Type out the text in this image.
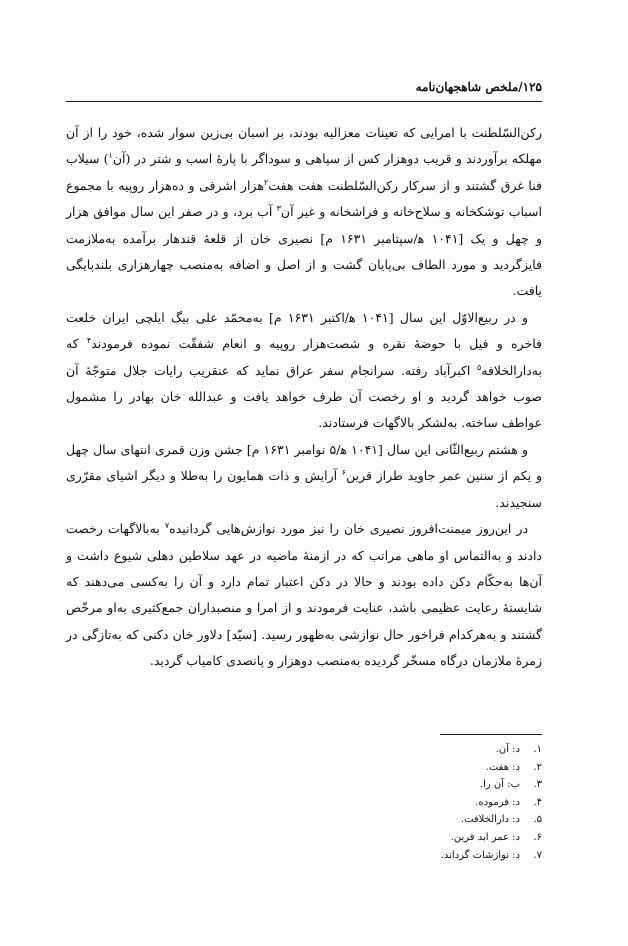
۱۲۵/ملخص شاهجهان‌نامه

رکن‌السّلطنت با امرایی که تعینات معزالیه بودند، بر اسبان بی‌زین سوار شده، خود را از آن مهلکه برآوردند و قریب دوهزار کس از سپاهی و سوداگر با پارهٔ اسب و شتر در (آن$^۱$) سیلاب فنا غرق گشتند و از سرکار رکن‌السّلطنت هفت هفت$^۲$هزار اشرفی و ده‌هزار روپیه با مجموع اسباب توشکخانه و سلاح‌خانه و فراشخانه و غیر آن$^۳$ آب برد، و در صفر این سال موافق هزار و چهل و یک [۱۰۴۱ ه‍/سپتامبر ۱۶۳۱ م] نصیری خان از قلعهٔ قندهار برآمده به‌ملازمت فایزگردید و مورد الطاف بی‌پایان گشت و از اصل و اضافه به‌منصب چهارهزاری بلندپایگی یافت.

و در ربیع‌الاوّل این سال [۱۰۴۱ ه‍/اکتبر ۱۶۳۱ م] به‌محمّد علی بیگ ایلچی ایران خلعت فاخره و فیل با حوضهٔ نقره و شصت‌هزار روپیه و انعام شفقّت نموده فرمودند$^۴$ که به‌دارالخلافه$^۵$ اکبرآباد رفته. سرانجام سفر عراق نماید که عنقریب رایات جلال متوجّهٔ آن صوب خواهد گردید و او رخصت آن طرف خواهد یافت و عبدالله خان بهادر را مشمول عواطف ساخته. به‌لشکر بالاگهات فرستادند.

و هشتم ربیع‌الثّانی این سال [۱۰۴۱ ه‍/۵ نوامبر ۱۶۳۱ م] جشن وزن قمری انتهای سال چهل و یکم از سنین عمر جاوید طراز قرین$^۶$ آرایش و ذات همایون را به‌طلا و دیگر اشیای مقرّری سنجیدند.

در این‌روز میمنت‌افروز نصیری خان را نیز مورد نوازش‌هایی گردانیده$^۷$ به‌بالاگهات رخصت دادند و به‌التماس او ماهی مراتب که در ازمنهٔ ماضیه در عهد سلاطین دهلی شیوع داشت و آن‌ها به‌حکّام دکن داده بودند و حالا در دکن اعتبار تمام دارد و آن را به‌کسی می‌دهند که شایستهٔ رعایت عظیمی باشد، عنایت فرمودند و از امرا و منصبداران جمع‌کثیری به‌او مرخّص گشتند و به‌هرکدام فراخور حال نوازشی به‌ظهور رسید. [سیّد] دلاور خان دکنی که به‌تازگی در زمرهٔ ملازمان درگاه مسخّر گردیده به‌منصب دوهزار و پانصدی کامیاب گردید.

۱.د: آن.
۲.د: هفت.
۳.ب: آن را.
۴.د: فرموده.
۵.د: دارالخلافت.
۶.د: عمر ابد قرین.
۷.د: نوازشات گرداند.
